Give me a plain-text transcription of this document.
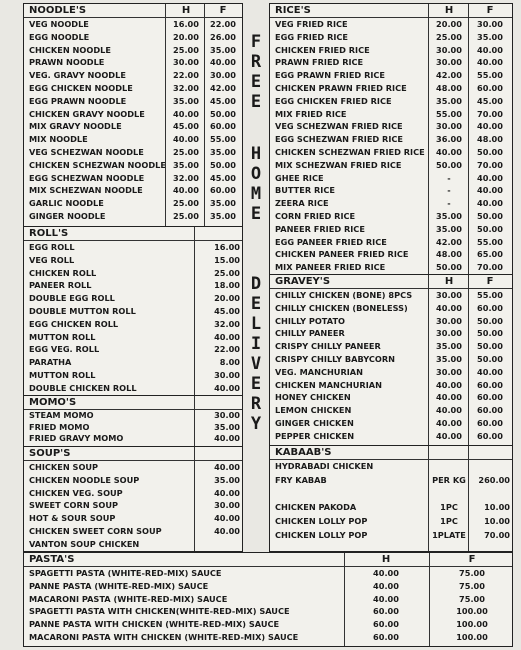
NOODLE'S	H	F
VEG NOODLE	16.00	22.00
EGG NOODLE	20.00	26.00
CHICKEN NOODLE	25.00	35.00
PRAWN NOODLE	30.00	40.00
VEG. GRAVY NOODLE	22.00	30.00
EGG CHICKEN NOODLE	32.00	42.00
EGG PRAWN NOODLE	35.00	45.00
CHICKEN GRAVY NOODLE	40.00	50.00
MIX GRAVY NOODLE	45.00	60.00
MIX NOODLE	40.00	55.00
VEG SCHEZWAN NOODLE	25.00	35.00
CHICKEN SCHEZWAN NOODLE 35.00	50.00
EGG SCHEZWAN NOODLE	32.00	45.00
MIX SCHEZWAN NOODLE	40.00	60.00
GARLIC NOODLE	25.00	35.00
GINGER NOODLE	25.00	35.00
ROLL'S
EGG ROLL	16.00
VEG ROLL	15.00
CHICKEN ROLL	25.00
PANEER ROLL	18.00
DOUBLE EGG ROLL	20.00
DOUBLE MUTTON ROLL	45.00
EGG CHICKEN ROLL	32.00
MUTTON ROLL	40.00
EGG VEG. ROLL	22.00
PARATHA	8.00
MUTTON ROLL	30.00
DOUBLE CHICKEN ROLL	40.00
MOMO'S
STEAM MOMO	30.00
FRIED MOMO	35.00
FRIED GRAVY MOMO	40.00
SOUP'S
CHICKEN SOUP	40.00
CHICKEN NOODLE SOUP	35.00
CHICKEN VEG. SOUP	40.00
SWEET CORN SOUP	30.00
HOT & SOUR SOUP	40.00
CHICKEN SWEET CORN SOUP	40.00
VANTON SOUP CHICKEN
RICE'S	H	F
VEG FRIED RICE	20.00	30.00
EGG FRIED RICE	25.00	35.00
CHICKEN FRIED RICE	30.00	40.00
PRAWN FRIED RICE	30.00	40.00
EGG PRAWN FRIED RICE	42.00	55.00
CHICKEN PRAWN FRIED RICE	48.00	60.00
EGG CHICKEN FRIED RICE	35.00	45.00
MIX FRIED RICE	55.00	70.00
VEG SCHEZWAN FRIED RICE	30.00	40.00
EGG SCHEZWAN FRIED RICE	36.00	48.00
CHICKEN SCHEZWAN FRIED RICE	40.00	50.00
MIX SCHEZWAN FRIED RICE	50.00	70.00
GHEE RICE	-	40.00
BUTTER RICE	-	40.00
ZEERA RICE	-	40.00
CORN FRIED RICE	35.00	50.00
PANEER FRIED RICE	35.00	50.00
EGG PANEER FRIED RICE	42.00	55.00
CHICKEN PANEER FRIED RICE	48.00	65.00
MIX PANEER FRIED RICE	50.00	70.00
GRAVEY'S	H	F
CHILLY CHICKEN (BONE) 8PCS	30.00	55.00
CHILLY CHICKEN (BONELESS)	40.00	60.00
CHILLY POTATO	30.00	50.00
CHILLY PANEER	30.00	50.00
CRISPY CHILLY PANEER	35.00	50.00
CRISPY CHILLY BABYCORN	35.00	50.00
VEG. MANCHURIAN	30.00	40.00
CHICKEN MANCHURIAN	40.00	60.00
HONEY CHICKEN	40.00	60.00
LEMON CHICKEN	40.00	60.00
GINGER CHICKEN	40.00	60.00
PEPPER CHICKEN	40.00	60.00
KABAAB'S
HYDRABADI CHICKEN
FRY KABAB	PER KG	260.00
CHICKEN PAKODA	1PC	10.00
CHICKEN LOLLY POP	1PC	10.00
CHICKEN LOLLY POP	1PLATE	70.00
PASTA'S	H	F
SPAGETTI PASTA (WHITE-RED-MIX) SAUCE	40.00	75.00
PANNE PASTA (WHITE-RED-MIX) SAUCE	40.00	75.00
MACARONI PASTA (WHITE-RED-MIX) SAUCE	40.00	75.00
SPAGETTI PASTA WITH CHICKEN(WHITE-RED-MIX) SAUCE	60.00	100.00
PANNE PASTA WITH CHICKEN (WHITE-RED-MIX) SAUCE	60.00	100.00
MACARONI PASTA WITH CHICKEN (WHITE-RED-MIX) SAUCE	60.00	100.00
F
R
E
E
H
O
M
E
D
E
L
I
V
E
R
Y
